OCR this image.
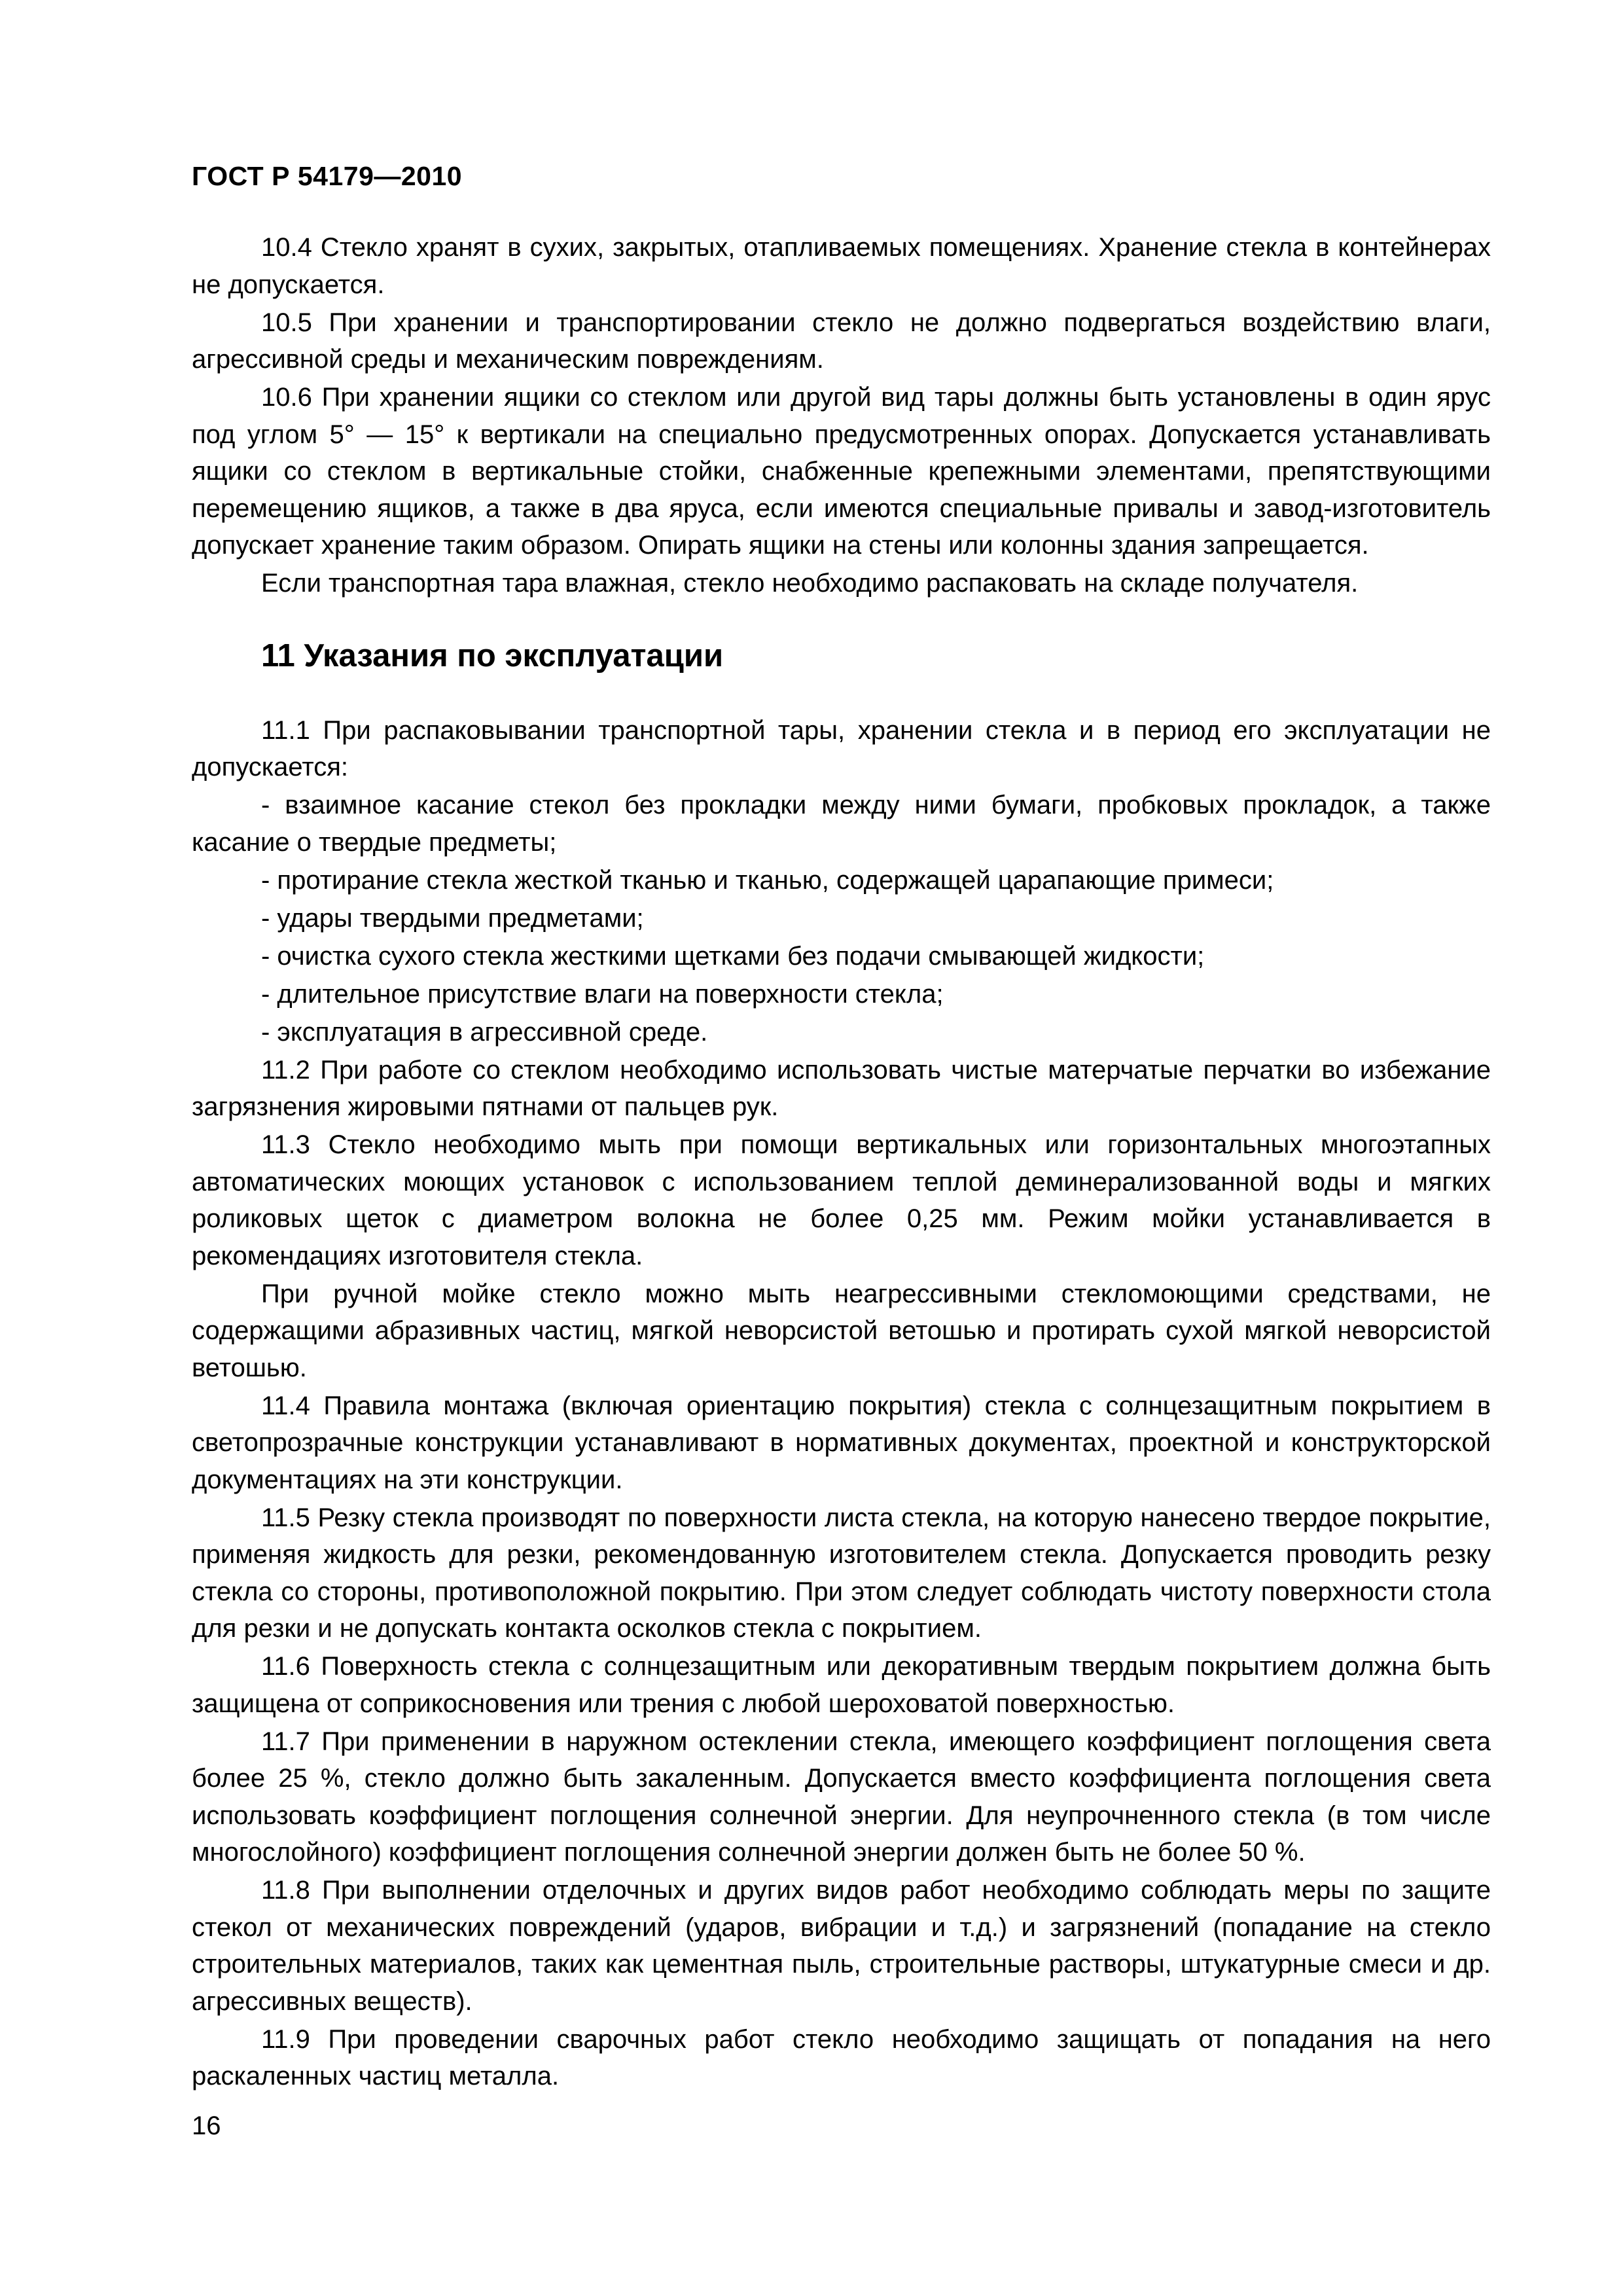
ГОСТ Р 54179—2010

10.4 Стекло хранят в сухих, закрытых, отапливаемых помещениях. Хранение стекла в контейнерах не допускается.

10.5 При хранении и транспортировании стекло не должно подвергаться воздействию влаги, агрессивной среды и механическим повреждениям.

10.6 При хранении ящики со стеклом или другой вид тары должны быть установлены в один ярус под углом 5° — 15° к вертикали на специально предусмотренных опорах. Допускается устанавливать ящики со стеклом в вертикальные стойки, снабженные крепежными элементами, препятствующими перемещению ящиков, а также в два яруса, если имеются специальные привалы и завод-изготовитель допускает хранение таким образом. Опирать ящики на стены или колонны здания запрещается.

Если транспортная тара влажная, стекло необходимо распаковать на складе получателя.

11 Указания по эксплуатации

11.1 При распаковывании транспортной тары, хранении стекла и в период его эксплуатации не допускается:

- взаимное касание стекол без прокладки между ними бумаги, пробковых прокладок, а также касание о твердые предметы;

- протирание стекла жесткой тканью и тканью, содержащей царапающие примеси;

- удары твердыми предметами;

- очистка сухого стекла жесткими щетками без подачи смывающей жидкости;

- длительное присутствие влаги на поверхности стекла;

- эксплуатация в агрессивной среде.

11.2 При работе со стеклом необходимо использовать чистые матерчатые перчатки во избежание загрязнения жировыми пятнами от пальцев рук.

11.3 Стекло необходимо мыть при помощи вертикальных или горизонтальных многоэтапных автоматических моющих установок с использованием теплой деминерализованной воды и мягких роликовых щеток с диаметром волокна не более 0,25 мм. Режим мойки устанавливается в рекомендациях изготовителя стекла.

При ручной мойке стекло можно мыть неагрессивными стекломоющими средствами, не содержащими абразивных частиц, мягкой неворсистой ветошью и протирать сухой мягкой неворсистой ветошью.

11.4 Правила монтажа (включая ориентацию покрытия) стекла с солнцезащитным покрытием в светопрозрачные конструкции устанавливают в нормативных документах, проектной и конструкторской документациях на эти конструкции.

11.5 Резку стекла производят по поверхности листа стекла, на которую нанесено твердое покрытие, применяя жидкость для резки, рекомендованную изготовителем стекла. Допускается проводить резку стекла со стороны, противоположной покрытию. При этом следует соблюдать чистоту поверхности стола для резки и не допускать контакта осколков стекла с покрытием.

11.6 Поверхность стекла с солнцезащитным или декоративным твердым покрытием должна быть защищена от соприкосновения или трения с любой шероховатой поверхностью.

11.7 При применении в наружном остеклении стекла, имеющего коэффициент поглощения света более 25 %, стекло должно быть закаленным. Допускается вместо коэффициента поглощения света использовать коэффициент поглощения солнечной энергии. Для неупрочненного стекла (в том числе многослойного) коэффициент поглощения солнечной энергии должен быть не более 50 %.

11.8 При выполнении отделочных и других видов работ необходимо соблюдать меры по защите стекол от механических повреждений (ударов, вибрации и т.д.) и загрязнений (попадание на стекло строительных материалов, таких как цементная пыль, строительные растворы, штукатурные смеси и др. агрессивных веществ).

11.9 При проведении сварочных работ стекло необходимо защищать от попадания на него раскаленных частиц металла.

16
